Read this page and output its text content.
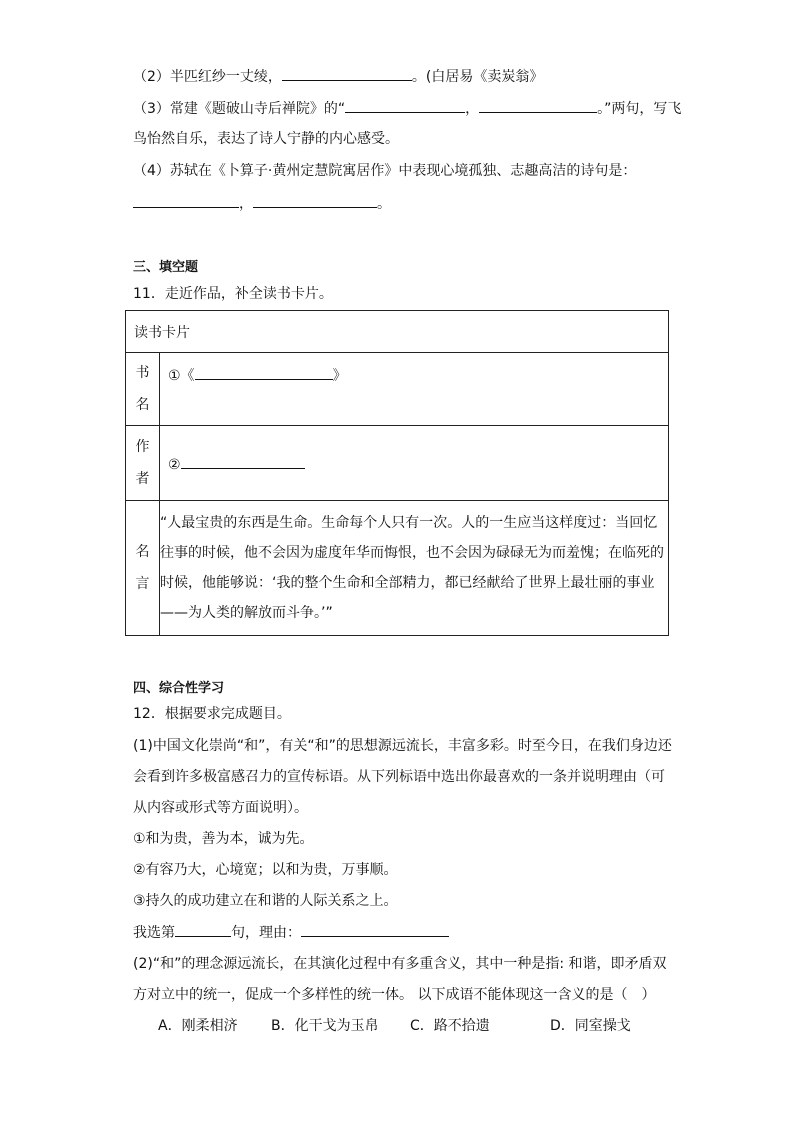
（2）半匹红纱一丈绫，	。(白居易《卖炭翁》
（3）常建《题破山寺后禅院》的“	，	。”两句，写飞
鸟怡然自乐，表达了诗人宁静的内心感受。
（4）苏轼在《卜算子·黄州定慧院寓居作》中表现心境孤独、志趣高洁的诗句是：
，	。
三、填空题
11．走近作品，补全读书卡片。
读书卡片	

书
名	①《 》

作
者	②

名
言	“人最宝贵的东西是生命。生命每个人只有一次。人的一生应当这样度过：当回忆往事的时候，他不会因为虚度年华而悔恨，也不会因为碌碌无为而羞愧；在临死的时候，他能够说：‘我的整个生命和全部精力，都已经献给了世界上最壮丽的事业——为人类的解放而斗争。’”
四、综合性学习
12．根据要求完成题目。
(1)中国文化崇尚“和”，有关“和”的思想源远流长，丰富多彩。时至今日，在我们身边还
会看到许多极富感召力的宣传标语。从下列标语中选出你最喜欢的一条并说明理由（可
从内容或形式等方面说明）。
①和为贵，善为本，诚为先。
②有容乃大，心境宽；以和为贵，万事顺。
③持久的成功建立在和谐的人际关系之上。
我选第	句，理由：
(2)“和”的理念源远流长，在其演化过程中有多重含义，其中一种是指: 和谐，即矛盾双
方对立中的统一，促成一个多样性的统一体。 以下成语不能体现这一含义的是（　）
A．刚柔相济 B．化干戈为玉帛 C．路不拾遗	D．同室操戈
